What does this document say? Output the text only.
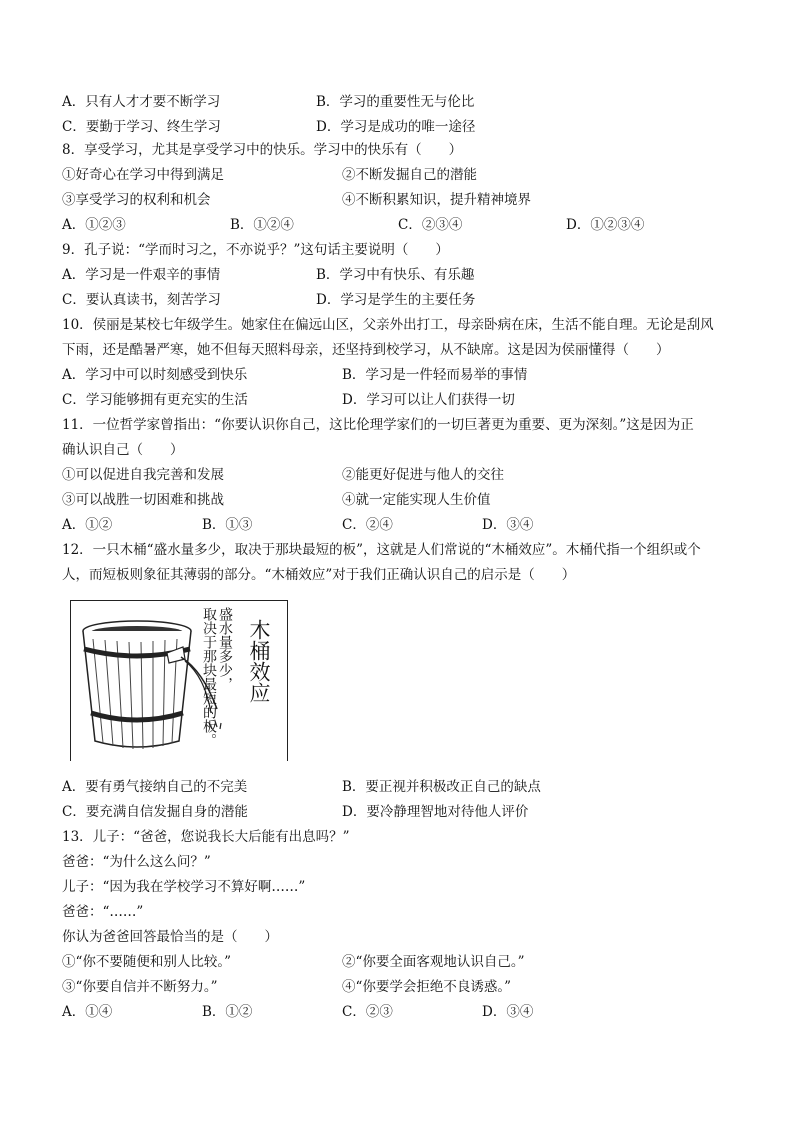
A．只有人才才要不断学习	B．学习的重要性无与伦比
C．要勤于学习、终生学习	D．学习是成功的唯一途径
8．享受学习，尤其是享受学习中的快乐。学习中的快乐有（　　）
①好奇心在学习中得到满足	②不断发掘自己的潜能
③享受学习的权利和机会	④不断积累知识，提升精神境界
A．①②③	B．①②④	C．②③④	D．①②③④
9．孔子说：“学而时习之，不亦说乎？”这句话主要说明（　　）
A．学习是一件艰辛的事情	B．学习中有快乐、有乐趣
C．要认真读书，刻苦学习	D．学习是学生的主要任务
10．侯丽是某校七年级学生。她家住在偏远山区，父亲外出打工，母亲卧病在床，生活不能自理。无论是刮风
下雨，还是酷暑严寒，她不但每天照料母亲，还坚持到校学习，从不缺席。这是因为侯丽懂得（　　）
A．学习中可以时刻感受到快乐	B．学习是一件轻而易举的事情
C．学习能够拥有更充实的生活	D．学习可以让人们获得一切
11．一位哲学家曾指出：“你要认识你自己，这比伦理学家们的一切巨著更为重要、更为深刻。”这是因为正
确认识自己（　　）
①可以促进自我完善和发展	②能更好促进与他人的交往
③可以战胜一切困难和挑战	④就一定能实现人生价值
A．①②	B．①③	C．②④	D．③④
12．一只木桶“盛水量多少，取决于那块最短的板”，这就是人们常说的“木桶效应”。木桶代指一个组织或个
人，而短板则象征其薄弱的部分。“木桶效应”对于我们正确认识自己的启示是（　　）
盛水量多少，
取决于那块最短的板。 木桶效应
A．要有勇气接纳自己的不完美	B．要正视并积极改正自己的缺点
C．要充满自信发掘自身的潜能	D．要冷静理智地对待他人评价
13．儿子：“爸爸，您说我长大后能有出息吗？”
爸爸：“为什么这么问？”
儿子：“因为我在学校学习不算好啊……”
爸爸：“……”
你认为爸爸回答最恰当的是（　　）
①“你不要随便和别人比较。”	②“你要全面客观地认识自己。”
③“你要自信并不断努力。”	④“你要学会拒绝不良诱惑。”
A．①④	B．①②	C．②③	D．③④
